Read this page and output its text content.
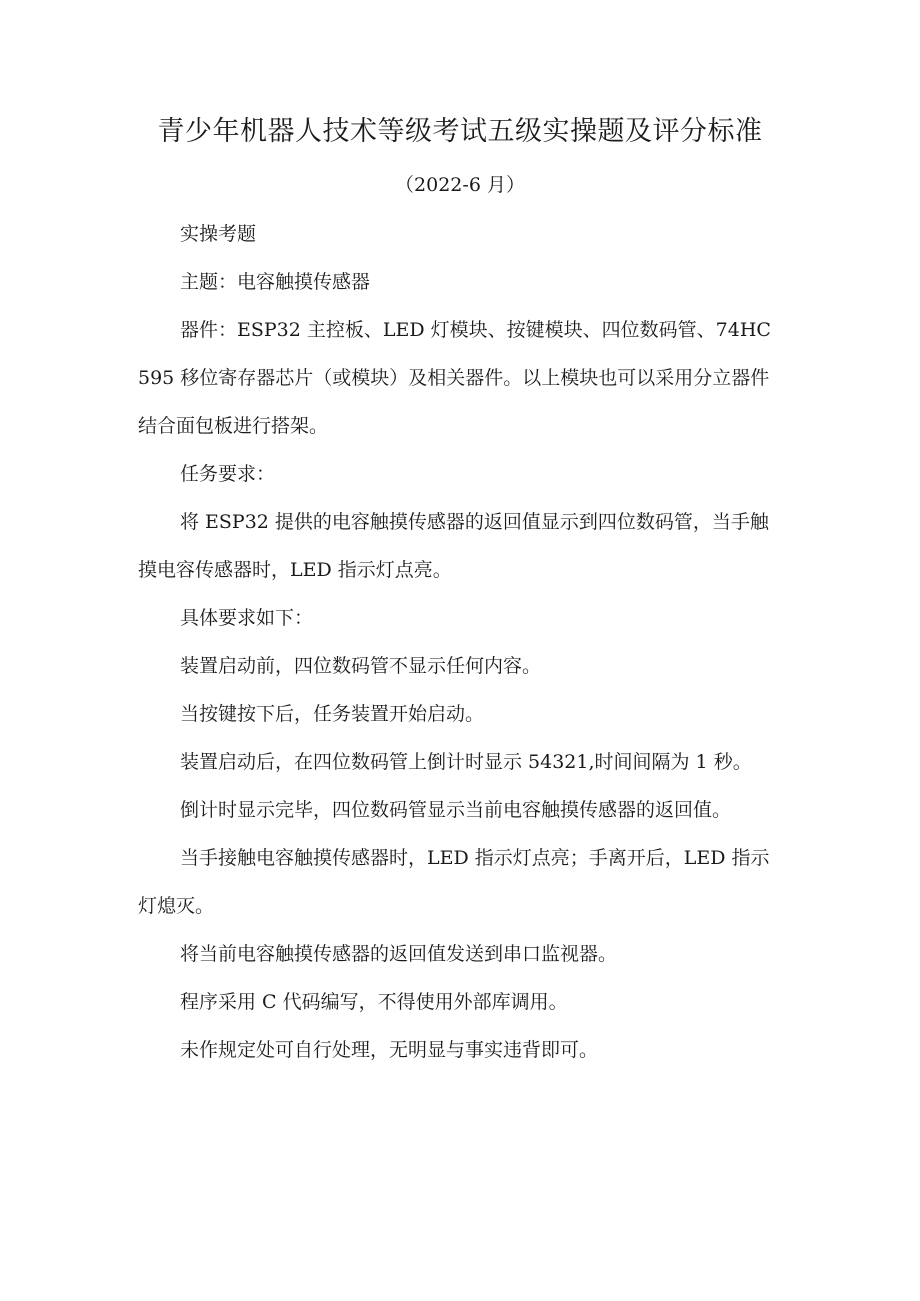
青少年机器人技术等级考试五级实操题及评分标准
（2022-6 月）

实操考题

主题：电容触摸传感器

器件：ESP32 主控板、LED 灯模块、按键模块、四位数码管、74HC595 移位寄存器芯片（或模块）及相关器件。以上模块也可以采用分立器件结合面包板进行搭架。

任务要求：

将 ESP32 提供的电容触摸传感器的返回值显示到四位数码管，当手触摸电容传感器时，LED 指示灯点亮。

具体要求如下：

装置启动前，四位数码管不显示任何内容。

当按键按下后，任务装置开始启动。

装置启动后，在四位数码管上倒计时显示 54321,时间间隔为 1 秒。

倒计时显示完毕，四位数码管显示当前电容触摸传感器的返回值。

当手接触电容触摸传感器时，LED 指示灯点亮；手离开后，LED 指示灯熄灭。

将当前电容触摸传感器的返回值发送到串口监视器。

程序采用 C 代码编写，不得使用外部库调用。

未作规定处可自行处理，无明显与事实违背即可。
